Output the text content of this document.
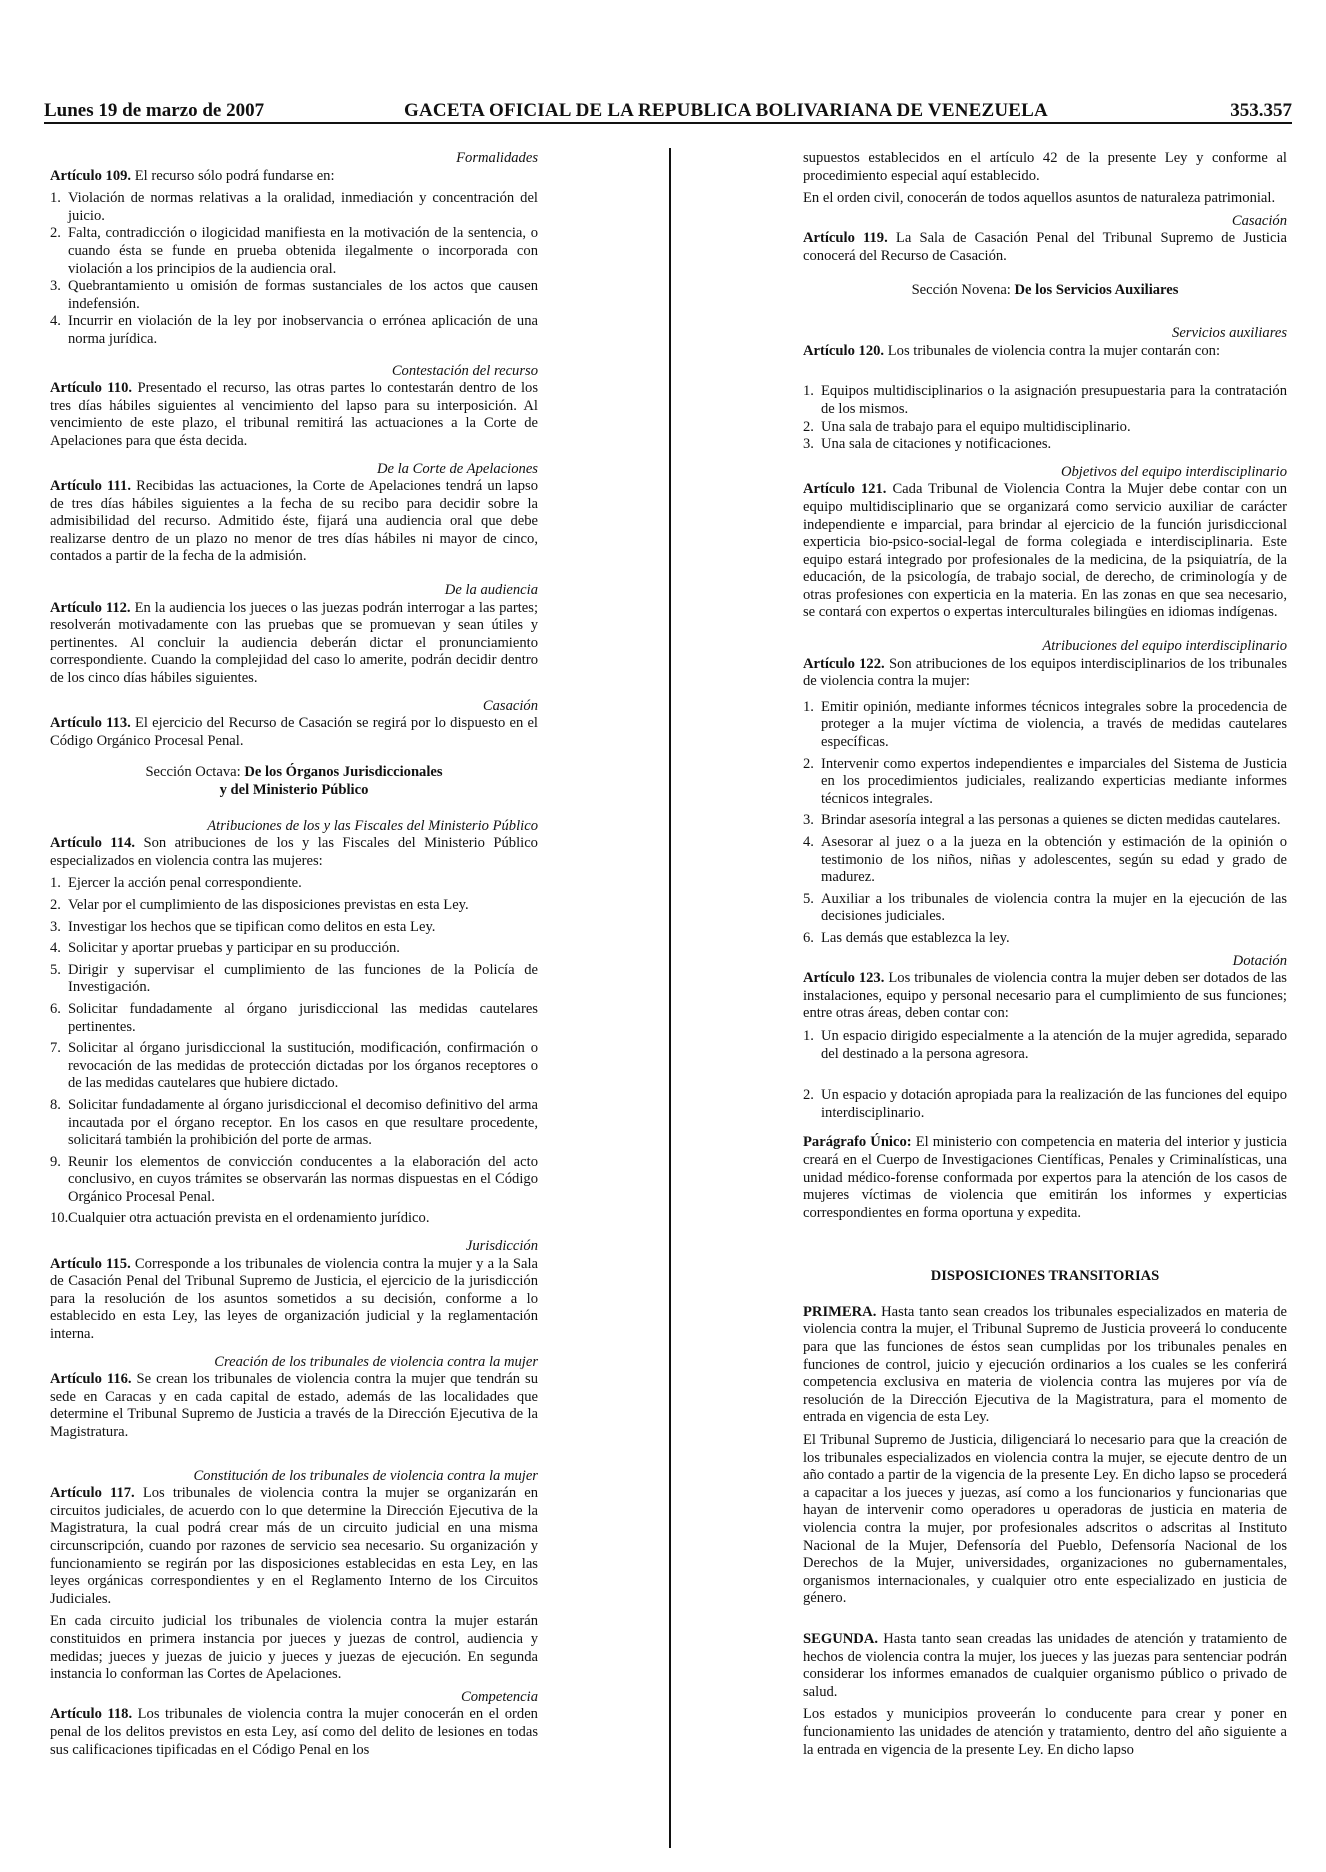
Lunes 19 de marzo de 2007	GACETA OFICIAL DE LA REPUBLICA BOLIVARIANA DE VENEZUELA	353.357
Formalidades
Artículo 109. El recurso sólo podrá fundarse en:
1. Violación de normas relativas a la oralidad, inmediación y concentración del juicio.
2. Falta, contradicción o ilogicidad manifiesta en la motivación de la sentencia, o cuando ésta se funde en prueba obtenida ilegalmente o incorporada con violación a los principios de la audiencia oral.
3. Quebrantamiento u omisión de formas sustanciales de los actos que causen indefensión.
4. Incurrir en violación de la ley por inobservancia o errónea aplicación de una norma jurídica.
Contestación del recurso
Artículo 110. Presentado el recurso, las otras partes lo contestarán dentro de los tres días hábiles siguientes al vencimiento del lapso para su interposición. Al vencimiento de este plazo, el tribunal remitirá las actuaciones a la Corte de Apelaciones para que ésta decida.
De la Corte de Apelaciones
Artículo 111. Recibidas las actuaciones, la Corte de Apelaciones tendrá un lapso de tres días hábiles siguientes a la fecha de su recibo para decidir sobre la admisibilidad del recurso. Admitido éste, fijará una audiencia oral que debe realizarse dentro de un plazo no menor de tres días hábiles ni mayor de cinco, contados a partir de la fecha de la admisión.
De la audiencia
Artículo 112. En la audiencia los jueces o las juezas podrán interrogar a las partes; resolverán motivadamente con las pruebas que se promuevan y sean útiles y pertinentes. Al concluir la audiencia deberán dictar el pronunciamiento correspondiente. Cuando la complejidad del caso lo amerite, podrán decidir dentro de los cinco días hábiles siguientes.
Casación
Artículo 113. El ejercicio del Recurso de Casación se regirá por lo dispuesto en el Código Orgánico Procesal Penal.
Sección Octava: De los Órganos Jurisdiccionales
y del Ministerio Público
Atribuciones de los y las Fiscales del Ministerio Público
Artículo 114. Son atribuciones de los y las Fiscales del Ministerio Público especializados en violencia contra las mujeres:
1. Ejercer la acción penal correspondiente.
2. Velar por el cumplimiento de las disposiciones previstas en esta Ley.
3. Investigar los hechos que se tipifican como delitos en esta Ley.
4. Solicitar y aportar pruebas y participar en su producción.
5. Dirigir y supervisar el cumplimiento de las funciones de la Policía de Investigación.
6. Solicitar fundadamente al órgano jurisdiccional las medidas cautelares pertinentes.
7. Solicitar al órgano jurisdiccional la sustitución, modificación, confirmación o revocación de las medidas de protección dictadas por los órganos receptores o de las medidas cautelares que hubiere dictado.
8. Solicitar fundadamente al órgano jurisdiccional el decomiso definitivo del arma incautada por el órgano receptor. En los casos en que resultare procedente, solicitará también la prohibición del porte de armas.
9. Reunir los elementos de convicción conducentes a la elaboración del acto conclusivo, en cuyos trámites se observarán las normas dispuestas en el Código Orgánico Procesal Penal.
10. Cualquier otra actuación prevista en el ordenamiento jurídico.
Jurisdicción
Artículo 115. Corresponde a los tribunales de violencia contra la mujer y a la Sala de Casación Penal del Tribunal Supremo de Justicia, el ejercicio de la jurisdicción para la resolución de los asuntos sometidos a su decisión, conforme a lo establecido en esta Ley, las leyes de organización judicial y la reglamentación interna.
Creación de los tribunales de violencia contra la mujer
Artículo 116. Se crean los tribunales de violencia contra la mujer que tendrán su sede en Caracas y en cada capital de estado, además de las localidades que determine el Tribunal Supremo de Justicia a través de la Dirección Ejecutiva de la Magistratura.
Constitución de los tribunales de violencia contra la mujer
Artículo 117. Los tribunales de violencia contra la mujer se organizarán en circuitos judiciales, de acuerdo con lo que determine la Dirección Ejecutiva de la Magistratura, la cual podrá crear más de un circuito judicial en una misma circunscripción, cuando por razones de servicio sea necesario. Su organización y funcionamiento se regirán por las disposiciones establecidas en esta Ley, en las leyes orgánicas correspondientes y en el Reglamento Interno de los Circuitos Judiciales.
En cada circuito judicial los tribunales de violencia contra la mujer estarán constituidos en primera instancia por jueces y juezas de control, audiencia y medidas; jueces y juezas de juicio y jueces y juezas de ejecución. En segunda instancia lo conforman las Cortes de Apelaciones.
Competencia
Artículo 118. Los tribunales de violencia contra la mujer conocerán en el orden penal de los delitos previstos en esta Ley, así como del delito de lesiones en todas sus calificaciones tipificadas en el Código Penal en los
supuestos establecidos en el artículo 42 de la presente Ley y conforme al procedimiento especial aquí establecido.
En el orden civil, conocerán de todos aquellos asuntos de naturaleza patrimonial.
Casación
Artículo 119. La Sala de Casación Penal del Tribunal Supremo de Justicia conocerá del Recurso de Casación.
Sección Novena: De los Servicios Auxiliares
Servicios auxiliares
Artículo 120. Los tribunales de violencia contra la mujer contarán con:
1. Equipos multidisciplinarios o la asignación presupuestaria para la contratación de los mismos.
2. Una sala de trabajo para el equipo multidisciplinario.
3. Una sala de citaciones y notificaciones.
Objetivos del equipo interdisciplinario
Artículo 121. Cada Tribunal de Violencia Contra la Mujer debe contar con un equipo multidisciplinario que se organizará como servicio auxiliar de carácter independiente e imparcial, para brindar al ejercicio de la función jurisdiccional experticia bio-psico-social-legal de forma colegiada e interdisciplinaria. Este equipo estará integrado por profesionales de la medicina, de la psiquiatría, de la educación, de la psicología, de trabajo social, de derecho, de criminología y de otras profesiones con experticia en la materia. En las zonas en que sea necesario, se contará con expertos o expertas interculturales bilingües en idiomas indígenas.
Atribuciones del equipo interdisciplinario
Artículo 122. Son atribuciones de los equipos interdisciplinarios de los tribunales de violencia contra la mujer:
1. Emitir opinión, mediante informes técnicos integrales sobre la procedencia de proteger a la mujer víctima de violencia, a través de medidas cautelares específicas.
2. Intervenir como expertos independientes e imparciales del Sistema de Justicia en los procedimientos judiciales, realizando experticias mediante informes técnicos integrales.
3. Brindar asesoría integral a las personas a quienes se dicten medidas cautelares.
4. Asesorar al juez o a la jueza en la obtención y estimación de la opinión o testimonio de los niños, niñas y adolescentes, según su edad y grado de madurez.
5. Auxiliar a los tribunales de violencia contra la mujer en la ejecución de las decisiones judiciales.
6. Las demás que establezca la ley.
Dotación
Artículo 123. Los tribunales de violencia contra la mujer deben ser dotados de las instalaciones, equipo y personal necesario para el cumplimiento de sus funciones; entre otras áreas, deben contar con:
1. Un espacio dirigido especialmente a la atención de la mujer agredida, separado del destinado a la persona agresora.
2. Un espacio y dotación apropiada para la realización de las funciones del equipo interdisciplinario.
Parágrafo Único: El ministerio con competencia en materia del interior y justicia creará en el Cuerpo de Investigaciones Científicas, Penales y Criminalísticas, una unidad médico-forense conformada por expertos para la atención de los casos de mujeres víctimas de violencia que emitirán los informes y experticias correspondientes en forma oportuna y expedita.
DISPOSICIONES TRANSITORIAS
PRIMERA. Hasta tanto sean creados los tribunales especializados en materia de violencia contra la mujer, el Tribunal Supremo de Justicia proveerá lo conducente para que las funciones de éstos sean cumplidas por los tribunales penales en funciones de control, juicio y ejecución ordinarios a los cuales se les conferirá competencia exclusiva en materia de violencia contra las mujeres por vía de resolución de la Dirección Ejecutiva de la Magistratura, para el momento de entrada en vigencia de esta Ley.
El Tribunal Supremo de Justicia, diligenciará lo necesario para que la creación de los tribunales especializados en violencia contra la mujer, se ejecute dentro de un año contado a partir de la vigencia de la presente Ley. En dicho lapso se procederá a capacitar a los jueces y juezas, así como a los funcionarios y funcionarias que hayan de intervenir como operadores u operadoras de justicia en materia de violencia contra la mujer, por profesionales adscritos o adscritas al Instituto Nacional de la Mujer, Defensoría del Pueblo, Defensoría Nacional de los Derechos de la Mujer, universidades, organizaciones no gubernamentales, organismos internacionales, y cualquier otro ente especializado en justicia de género.
SEGUNDA. Hasta tanto sean creadas las unidades de atención y tratamiento de hechos de violencia contra la mujer, los jueces y las juezas para sentenciar podrán considerar los informes emanados de cualquier organismo público o privado de salud.
Los estados y municipios proveerán lo conducente para crear y poner en funcionamiento las unidades de atención y tratamiento, dentro del año siguiente a la entrada en vigencia de la presente Ley. En dicho lapso
